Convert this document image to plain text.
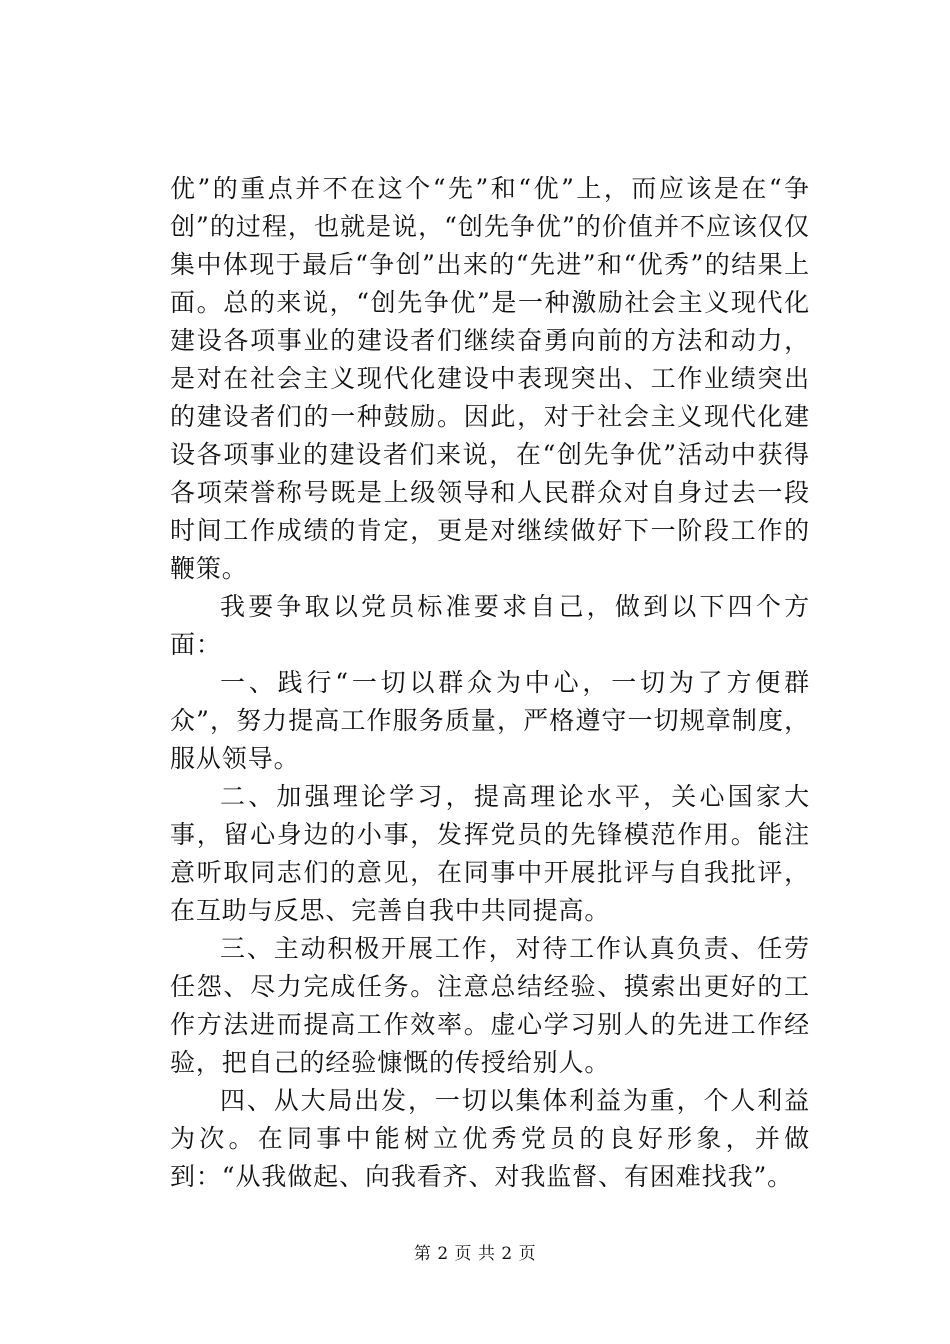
优”的重点并不在这个“先”和“优”上，而应该是在“争创”的过程，也就是说，“创先争优”的价值并不应该仅仅集中体现于最后“争创”出来的“先进”和“优秀”的结果上面。总的来说，“创先争优”是一种激励社会主义现代化建设各项事业的建设者们继续奋勇向前的方法和动力，是对在社会主义现代化建设中表现突出、工作业绩突出的建设者们的一种鼓励。因此，对于社会主义现代化建设各项事业的建设者们来说，在“创先争优”活动中获得各项荣誉称号既是上级领导和人民群众对自身过去一段时间工作成绩的肯定，更是对继续做好下一阶段工作的鞭策。

我要争取以党员标准要求自己，做到以下四个方面：

一、践行“一切以群众为中心，一切为了方便群众”，努力提高工作服务质量，严格遵守一切规章制度，服从领导。

二、加强理论学习，提高理论水平，关心国家大事，留心身边的小事，发挥党员的先锋模范作用。能注意听取同志们的意见，在同事中开展批评与自我批评，在互助与反思、完善自我中共同提高。

三、主动积极开展工作，对待工作认真负责、任劳任怨、尽力完成任务。注意总结经验、摸索出更好的工作方法进而提高工作效率。虚心学习别人的先进工作经验，把自己的经验慷慨的传授给别人。

四、从大局出发，一切以集体利益为重，个人利益为次。在同事中能树立优秀党员的良好形象，并做到：“从我做起、向我看齐、对我监督、有困难找我”。

第 2 页 共 2 页
